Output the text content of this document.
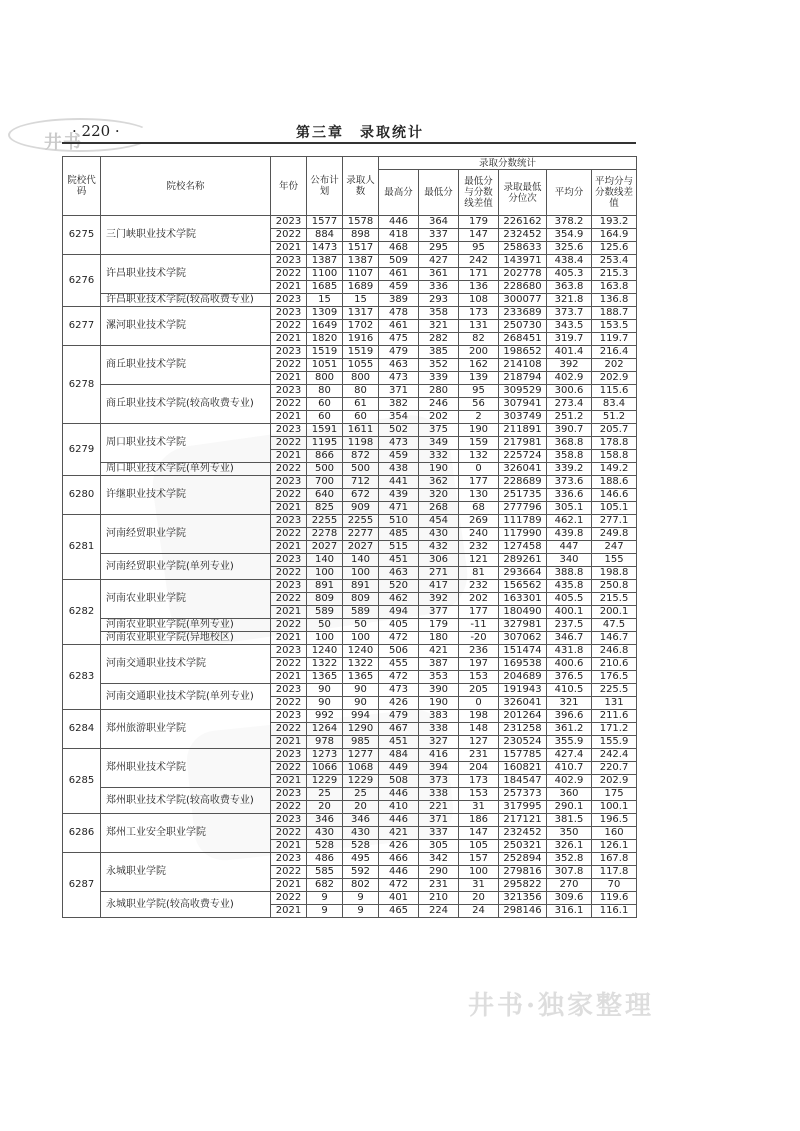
井书
· 220 ·	第三章　录取统计
院校代码	院校名称	年份	公布计划	录取人数	录取分数统计					
					最高分	最低分	最低分与分数线差值	录取最低分位次	平均分	平均分与分数线差值
6275	三门峡职业技术学院	2023	1577	1578	446	364	179	226162	378.2	193.2
		2022	884	898	418	337	147	232452	354.9	164.9
		2021	1473	1517	468	295	95	258633	325.6	125.6
6276	许昌职业技术学院	2023	1387	1387	509	427	242	143971	438.4	253.4
		2022	1100	1107	461	361	171	202778	405.3	215.3
		2021	1685	1689	459	336	136	228680	363.8	163.8
	许昌职业技术学院(较高收费专业)	2023	15	15	389	293	108	300077	321.8	136.8
6277	漯河职业技术学院	2023	1309	1317	478	358	173	233689	373.7	188.7
		2022	1649	1702	461	321	131	250730	343.5	153.5
		2021	1820	1916	475	282	82	268451	319.7	119.7
6278	商丘职业技术学院	2023	1519	1519	479	385	200	198652	401.4	216.4
		2022	1051	1055	463	352	162	214108	392	202
		2021	800	800	473	339	139	218794	402.9	202.9
	商丘职业技术学院(较高收费专业)	2023	80	80	371	280	95	309529	300.6	115.6
		2022	60	61	382	246	56	307941	273.4	83.4
		2021	60	60	354	202	2	303749	251.2	51.2
6279	周口职业技术学院	2023	1591	1611	502	375	190	211891	390.7	205.7
		2022	1195	1198	473	349	159	217981	368.8	178.8
		2021	866	872	459	332	132	225724	358.8	158.8
	周口职业技术学院(单列专业)	2022	500	500	438	190	0	326041	339.2	149.2
6280	许继职业技术学院	2023	700	712	441	362	177	228689	373.6	188.6
		2022	640	672	439	320	130	251735	336.6	146.6
		2021	825	909	471	268	68	277796	305.1	105.1
6281	河南经贸职业学院	2023	2255	2255	510	454	269	111789	462.1	277.1
		2022	2278	2277	485	430	240	117990	439.8	249.8
		2021	2027	2027	515	432	232	127458	447	247
	河南经贸职业学院(单列专业)	2023	140	140	451	306	121	289261	340	155
		2022	100	100	463	271	81	293664	388.8	198.8
6282	河南农业职业学院	2023	891	891	520	417	232	156562	435.8	250.8
		2022	809	809	462	392	202	163301	405.5	215.5
		2021	589	589	494	377	177	180490	400.1	200.1
	河南农业职业学院(单列专业)	2022	50	50	405	179	-11	327981	237.5	47.5
	河南农业职业学院(异地校区)	2021	100	100	472	180	-20	307062	346.7	146.7
6283	河南交通职业技术学院	2023	1240	1240	506	421	236	151474	431.8	246.8
		2022	1322	1322	455	387	197	169538	400.6	210.6
		2021	1365	1365	472	353	153	204689	376.5	176.5
	河南交通职业技术学院(单列专业)	2023	90	90	473	390	205	191943	410.5	225.5
		2022	90	90	426	190	0	326041	321	131
6284	郑州旅游职业学院	2023	992	994	479	383	198	201264	396.6	211.6
		2022	1264	1290	467	338	148	231258	361.2	171.2
		2021	978	985	451	327	127	230524	355.9	155.9
6285	郑州职业技术学院	2023	1273	1277	484	416	231	157785	427.4	242.4
		2022	1066	1068	449	394	204	160821	410.7	220.7
		2021	1229	1229	508	373	173	184547	402.9	202.9
	郑州职业技术学院(较高收费专业)	2023	25	25	446	338	153	257373	360	175
		2022	20	20	410	221	31	317995	290.1	100.1
6286	郑州工业安全职业学院	2023	346	346	446	371	186	217121	381.5	196.5
		2022	430	430	421	337	147	232452	350	160
		2021	528	528	426	305	105	250321	326.1	126.1
6287	永城职业学院	2023	486	495	466	342	157	252894	352.8	167.8
		2022	585	592	446	290	100	279816	307.8	117.8
		2021	682	802	472	231	31	295822	270	70
	永城职业学院(较高收费专业)	2022	9	9	401	210	20	321356	309.6	119.6
		2021	9	9	465	224	24	298146	316.1	116.1
井书·独家整理
